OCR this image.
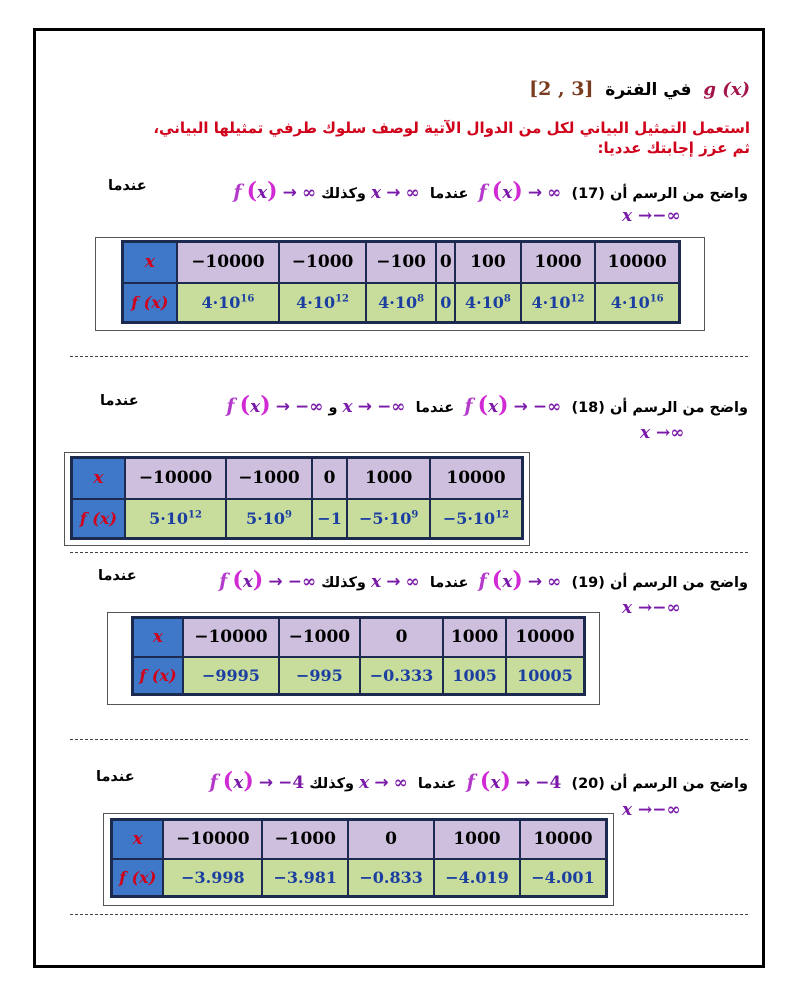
[2 , 3] في الفترة g (x)
استعمل التمثيل البياني لكل من الدوال الآتية لوصف سلوك طرفي تمثيلها البياني،
ثم عزز إجابتك عدديا:
f (x) → ∞ وكذلك x → ∞ عندما f (x) → ∞	واضح من الرسم أن (17)
عندما
x →−∞
x	−10000	−1000	−100	0	100	1000	10000
f (x)	$4\cdot 10^{16}$	$4\cdot 10^{12}$	$4\cdot 10^8$	0	$4\cdot 10^8$	$4\cdot 10^{12}$	$4\cdot 10^{16}$
f (x) → −∞ و x → −∞ عندما f (x) → −∞	واضح من الرسم أن (18)
عندما
x →∞
x	−10000	−1000	0	1000	10000
f (x)	$5\cdot 10^{12}$	$5\cdot 10^9$	−1	$-5\cdot 10^9$	$-5\cdot 10^{12}$
f (x) → −∞ وكذلك x → ∞ عندما f (x) → ∞	واضح من الرسم أن (19)
عندما
x →−∞
x	−10000	−1000	0	1000	10000
f (x)	−9995	−995	−0.333	1005	10005
f (x) → −4 وكذلك x → ∞ عندما f (x) → −4	واضح من الرسم أن (20)
عندما
x →−∞
x	−10000	−1000	0	1000	10000
f (x)	−3.998	−3.981	−0.833	−4.019	−4.001
